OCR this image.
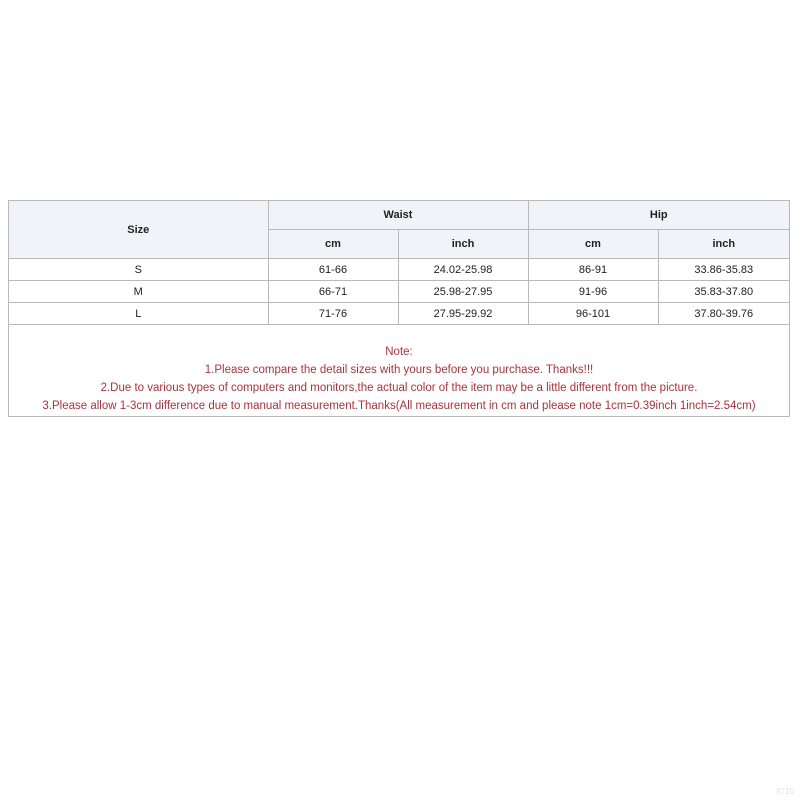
Size	Waist		Hip	
	cm	inch	cm	inch
S	61-66	24.02-25.98	86-91	33.86-35.83
M	66-71	25.98-27.95	91-96	35.83-37.80
L	71-76	27.95-29.92	96-101	37.80-39.76
Note:
1.Please compare the detail sizes with yours before you purchase. Thanks!!!
2.Due to various types of computers and monitors,the actual color of the item may be a little different from the picture.
3.Please allow 1-3cm difference due to manual measurement.Thanks(All measurement in cm and please note 1cm=0.39inch 1inch=2.54cm)
8710
